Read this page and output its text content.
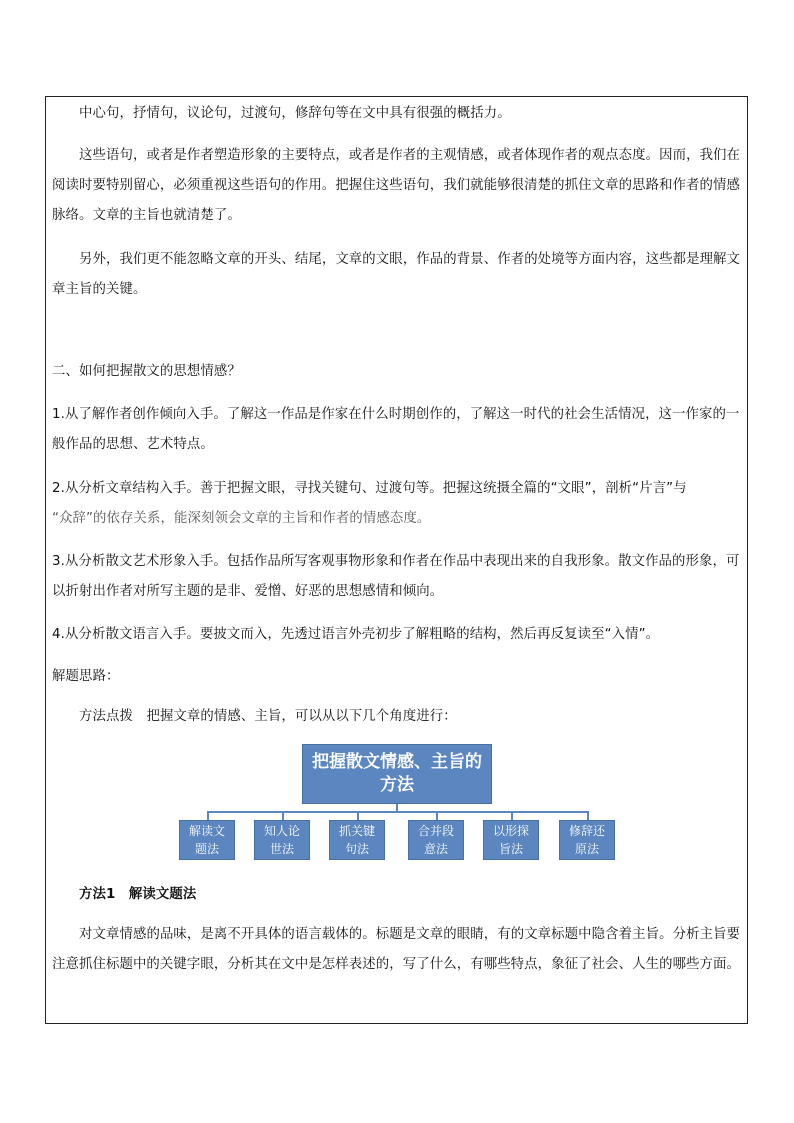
中心句，抒情句，议论句，过渡句，修辞句等在文中具有很强的概括力。

这些语句，或者是作者塑造形象的主要特点，或者是作者的主观情感，或者体现作者的观点态度。因而，我们在阅读时要特别留心，必须重视这些语句的作用。把握住这些语句，我们就能够很清楚的抓住文章的思路和作者的情感脉络。文章的主旨也就清楚了。

另外，我们更不能忽略文章的开头、结尾，文章的文眼，作品的背景、作者的处境等方面内容，这些都是理解文章主旨的关键。

二、如何把握散文的思想情感？

1.从了解作者创作倾向入手。了解这一作品是作家在什么时期创作的，了解这一时代的社会生活情况，这一作家的一般作品的思想、艺术特点。

2.从分析文章结构入手。善于把握文眼，寻找关键句、过渡句等。把握这统摄全篇的“文眼”，剖析“片言”与

“众辞”的依存关系，能深刻领会文章的主旨和作者的情感态度。

3.从分析散文艺术形象入手。包括作品所写客观事物形象和作者在作品中表现出来的自我形象。散文作品的形象，可以折射出作者对所写主题的是非、爱憎、好恶的思想感情和倾向。

4.从分析散文语言入手。要披文而入，先透过语言外壳初步了解粗略的结构，然后再反复读至“入情”。

解题思路：

方法点拨　把握文章的情感、主旨，可以从以下几个角度进行：

把握散文情感、主旨的方法
解读文题法
知人论世法
抓关键句法
合并段意法
以形探旨法
修辞还原法

方法1　解读文题法

对文章情感的品味，是离不开具体的语言载体的。标题是文章的眼睛，有的文章标题中隐含着主旨。分析主旨要注意抓住标题中的关键字眼，分析其在文中是怎样表述的，写了什么，有哪些特点，象征了社会、人生的哪些方面。
